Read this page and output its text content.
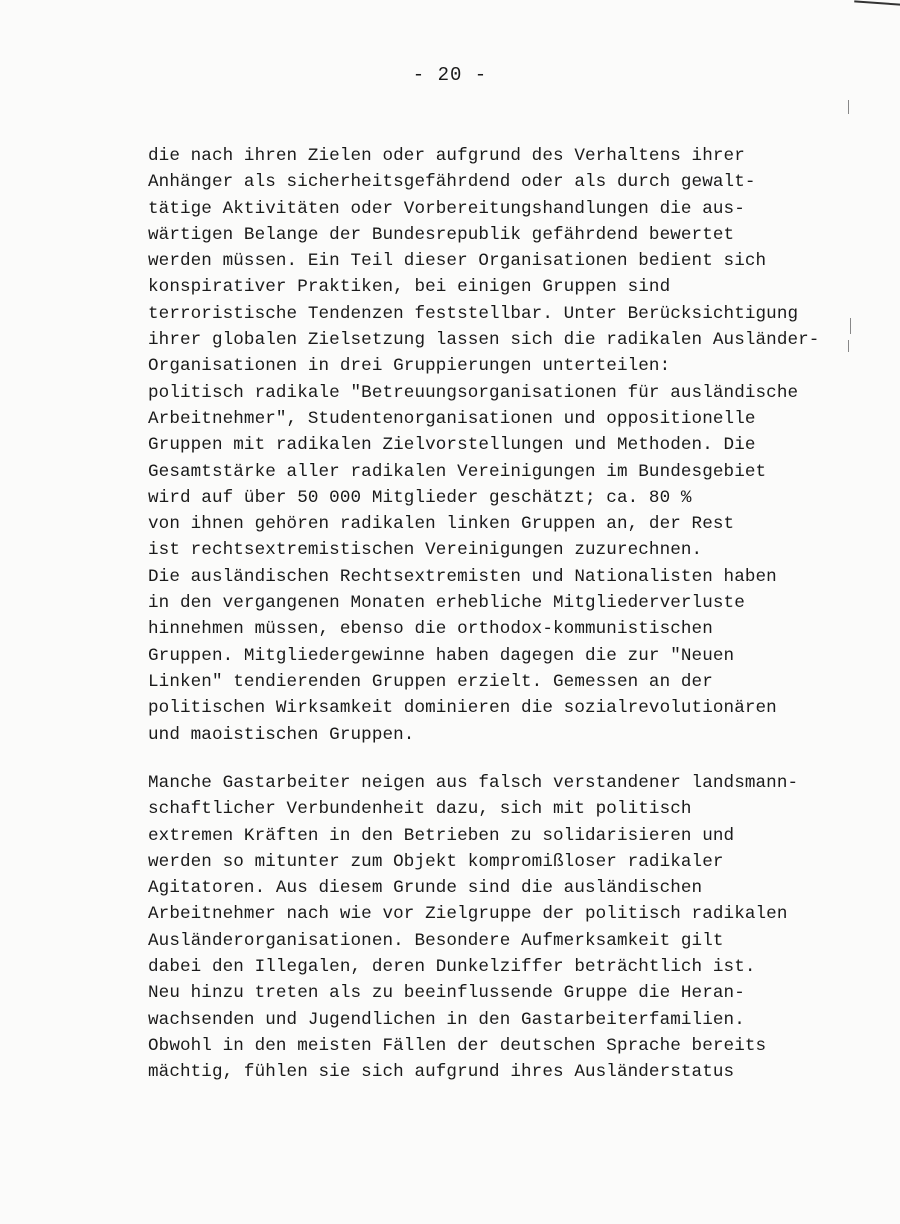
- 20 -
die nach ihren Zielen oder aufgrund des Verhaltens ihrer
Anhänger als sicherheitsgefährdend oder als durch gewalt-
tätige Aktivitäten oder Vorbereitungshandlungen die aus-
wärtigen Belange der Bundesrepublik gefährdend bewertet
werden müssen. Ein Teil dieser Organisationen bedient sich
konspirativer Praktiken, bei einigen Gruppen sind
terroristische Tendenzen feststellbar. Unter Berücksichtigung
ihrer globalen Zielsetzung lassen sich die radikalen Ausländer-
Organisationen in drei Gruppierungen unterteilen:
politisch radikale "Betreuungsorganisationen für ausländische
Arbeitnehmer", Studentenorganisationen und oppositionelle
Gruppen mit radikalen Zielvorstellungen und Methoden. Die
Gesamtstärke aller radikalen Vereinigungen im Bundesgebiet
wird auf über 50 000 Mitglieder geschätzt; ca. 80 %
von ihnen gehören radikalen linken Gruppen an, der Rest
ist rechtsextremistischen Vereinigungen zuzurechnen.
Die ausländischen Rechtsextremisten und Nationalisten haben
in den vergangenen Monaten erhebliche Mitgliederverluste
hinnehmen müssen, ebenso die orthodox-kommunistischen
Gruppen. Mitgliedergewinne haben dagegen die zur "Neuen
Linken" tendierenden Gruppen erzielt. Gemessen an der
politischen Wirksamkeit dominieren die sozialrevolutionären
und maoistischen Gruppen.
Manche Gastarbeiter neigen aus falsch verstandener landsmann-
schaftlicher Verbundenheit dazu, sich mit politisch
extremen Kräften in den Betrieben zu solidarisieren und
werden so mitunter zum Objekt kompromißloser radikaler
Agitatoren. Aus diesem Grunde sind die ausländischen
Arbeitnehmer nach wie vor Zielgruppe der politisch radikalen
Ausländerorganisationen. Besondere Aufmerksamkeit gilt
dabei den Illegalen, deren Dunkelziffer beträchtlich ist.
Neu hinzu treten als zu beeinflussende Gruppe die Heran-
wachsenden und Jugendlichen in den Gastarbeiterfamilien.
Obwohl in den meisten Fällen der deutschen Sprache bereits
mächtig, fühlen sie sich aufgrund ihres Ausländerstatus
